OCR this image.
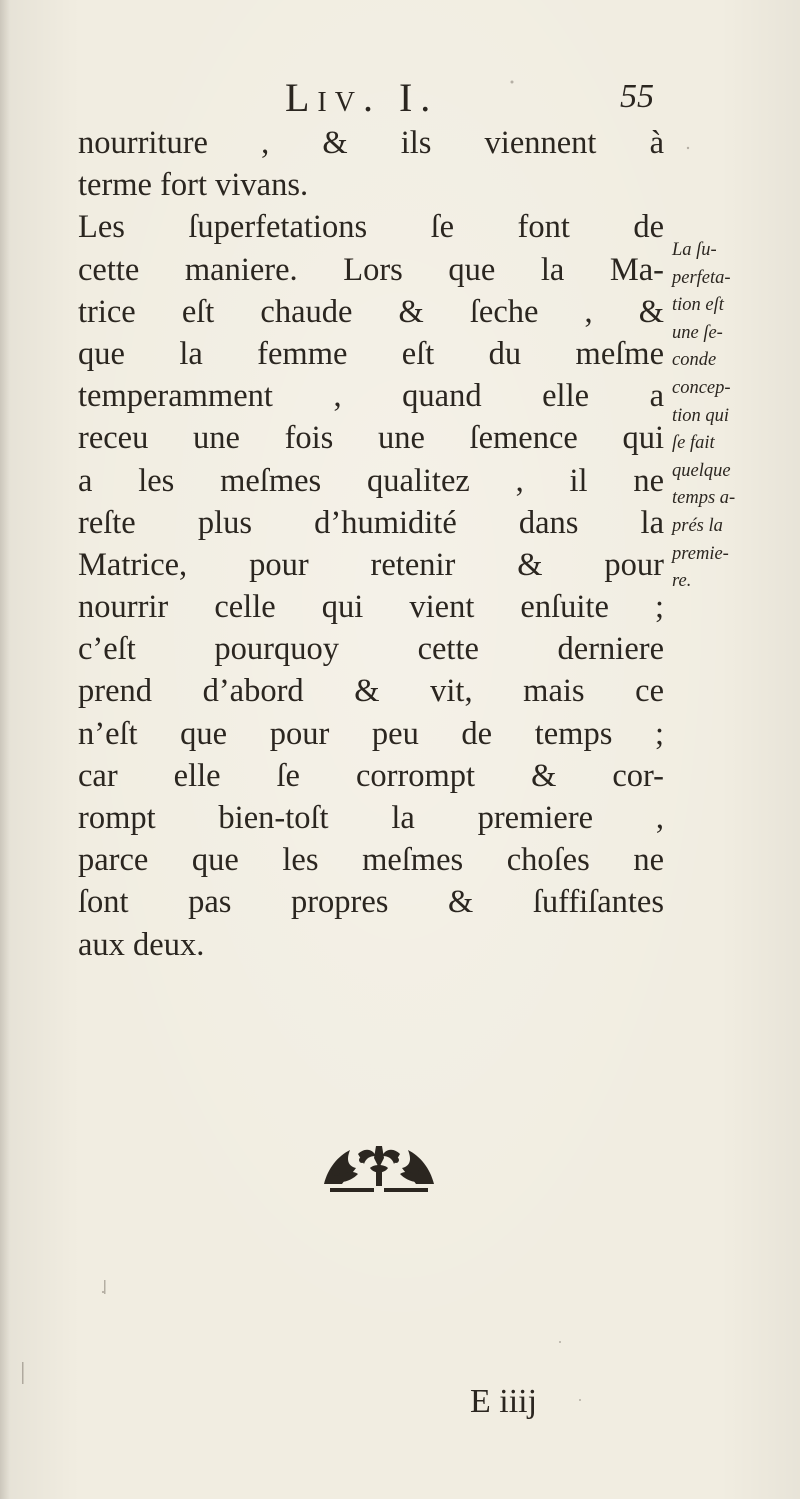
Liv. I.	55
nourriture , & ils viennent à
terme fort vivans.
Les ſuperfetations ſe font de
cette maniere. Lors que la Ma-
trice eſt chaude & ſeche , &
que la femme eſt du meſme
temperamment , quand elle a
receu une fois une ſemence qui
a les meſmes qualitez , il ne
reſte plus d’humidité dans la
Matrice, pour retenir & pour
nourrir celle qui vient enſuite ;
c’eſt pourquoy cette derniere
prend d’abord & vit, mais ce
n’eſt que pour peu de temps ;
car elle ſe corrompt & cor-
rompt bien-toſt la premiere ,
parce que les meſmes choſes ne
ſont pas propres & ſuffiſantes
aux deux.
La ſu-
perfeta-
tion eſt
une ſe-
conde
concep-
tion qui
ſe fait
quelque
temps a-
prés la
premie-
re.
E iiij
